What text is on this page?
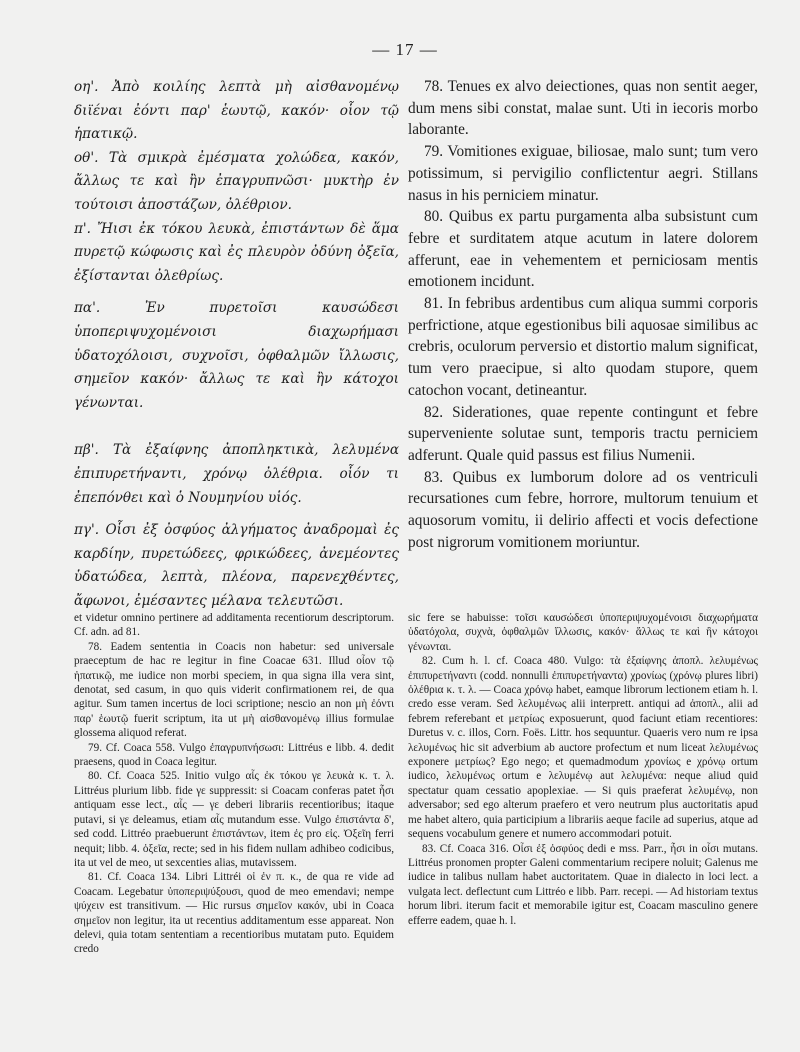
— 17 —

οη'. Ἀπὸ κοιλίης λεπτὰ μὴ αἰσθανομένῳ διϊέναι ἐόντι παρ' ἑωυτῷ, κακόν· οἷον τῷ ἡπατικῷ.

οθ'. Τὰ σμικρὰ ἐμέσματα χολώδεα, κακόν, ἄλλως τε καὶ ἢν ἐπαγρυπνῶσι· μυκτὴρ ἐν τούτοισι ἀποστάζων, ὀλέθριον.

π'. Ἤισι ἐκ τόκου λευκὰ, ἐπιστάντων δὲ ἅμα πυρετῷ κώφωσις καὶ ἐς πλευρὸν ὀδύνη ὀξεῖα, ἐξίστανται ὀλεθρίως.

πα'. Ἐν πυρετοῖσι καυσώδεσι ὑποπεριψυχομένοισι διαχωρήμασι ὑδατοχόλοισι, συχνοῖσι, ὀφθαλμῶν ἴλλωσις, σημεῖον κακόν· ἄλλως τε καὶ ἢν κάτοχοι γένωνται.

πβ'. Τὰ ἐξαίφνης ἀποπληκτικὰ, λελυμένα ἐπιπυρετήναντι, χρόνῳ ὀλέθρια. οἷόν τι ἐπεπόνθει καὶ ὁ Νουμηνίου υἱός.

πγ'. Οἷσι ἐξ ὀσφύος ἀλγήματος ἀναδρομαὶ ἐς καρδίην, πυρετώδεες, φρικώδεες, ἀνεμέοντες ὑδατώδεα, λεπτὰ, πλέονα, παρενεχθέντες, ἄφωνοι, ἐμέσαντες μέλανα τελευτῶσι.

78. Tenues ex alvo deiectiones, quas non sentit aeger, dum mens sibi constat, malae sunt. Uti in iecoris morbo laborante.

79. Vomitiones exiguae, biliosae, malo sunt; tum vero potissimum, si pervigilio conflictentur aegri. Stillans nasus in his perniciem minatur.

80. Quibus ex partu purgamenta alba subsistunt cum febre et surditatem atque acutum in latere dolorem afferunt, eae in vehementem et perniciosam mentis emotionem incidunt.

81. In febribus ardentibus cum aliqua summi corporis perfrictione, atque egestionibus bili aquosae similibus ac crebris, oculorum perversio et distortio malum significat, tum vero praecipue, si alto quodam stupore, quem catochon vocant, detineantur.

82. Siderationes, quae repente contingunt et febre superveniente solutae sunt, temporis tractu perniciem adferunt. Quale quid passus est filius Numenii.

83. Quibus ex lumborum dolore ad os ventriculi recursationes cum febre, horrore, multorum tenuium et aquosorum vomitu, ii delirio affecti et vocis defectione post nigrorum vomitionem moriuntur.

et videtur omnino pertinere ad additamenta recentiorum descriptorum. Cf. adn. ad 81.

78. Eadem sententia in Coacis non habetur: sed universale praeceptum de hac re legitur in fine Coacae 631. Illud οἷον τῷ ἡπατικῷ, me iudice non morbi speciem, in qua signa illa vera sint, denotat, sed casum, in quo quis viderit confirmationem rei, de qua agitur. Sum tamen incertus de loci scriptione; nescio an non μὴ ἐόντι παρ' ἑωυτῷ fuerit scriptum, ita ut μὴ αἰσθανομένῳ illius formulae glossema aliquod referat.

79. Cf. Coaca 558. Vulgo ἐπαγρυπνήσωσι: Littréus e libb. 4. dedit praesens, quod in Coaca legitur.

80. Cf. Coaca 525. Initio vulgo αἷς ἐκ τόκου γε λευκὰ κ. τ. λ. Littréus plurium libb. fide γε suppressit: si Coacam conferas patet ἧσι antiquam esse lect., αἷς — γε deberi librariis recentioribus; itaque putavi, si γε deleamus, etiam αἷς mutandum esse. Vulgo ἐπιστάντα δ', sed codd. Littréo praebuerunt ἐπιστάντων, item ἐς pro εἰς. Ὀξεῖη ferri nequit; libb. 4. ὀξεῖα, recte; sed in his fidem nullam adhibeo codicibus, ita ut vel de meo, ut sexcenties alias, mutavissem.

81. Cf. Coaca 134. Libri Littréi οἱ ἐν π. κ., de qua re vide ad Coacam. Legebatur ὑποπεριψύξουσι, quod de meo emendavi; nempe ψύχειν est transitivum. — Hic rursus σημεῖον κακόν, ubi in Coaca σημεῖον non legitur, ita ut recentius additamentum esse appareat. Non delevi, quia totam sententiam a recentioribus mutatam puto. Equidem credo

sic fere se habuisse: τοῖσι καυσώδεσι ὑποπεριψυχομένοισι διαχωρήματα ὑδατόχολα, συχνὰ, ὀφθαλμῶν ἴλλωσις, κακόν· ἄλλως τε καὶ ἢν κάτοχοι γένωνται.

82. Cum h. l. cf. Coaca 480. Vulgo: τὰ ἐξαίφνης ἀποπλ. λελυμένως ἐπιπυρετήναντι (codd. nonnulli ἐπιπυρετήναντα) χρονίως (χρόνῳ plures libri) ὀλέθρια κ. τ. λ. — Coaca χρόνῳ habet, eamque librorum lectionem etiam h. l. credo esse veram. Sed λελυμένως alii interprett. antiqui ad ἀποπλ., alii ad febrem referebant et μετρίως exposuerunt, quod faciunt etiam recentiores: Duretus v. c. illos, Corn. Foës. Littr. hos sequuntur. Quaeris vero num re ipsa λελυμένως hic sit adverbium ab auctore profectum et num liceat λελυμένως exponere μετρίως? Ego nego; et quemadmodum χρονίως e χρόνῳ ortum iudico, λελυμένως ortum e λελυμένῳ aut λελυμένα: neque aliud quid spectatur quam cessatio apoplexiae. — Si quis praeferat λελυμένῳ, non adversabor; sed ego alterum praefero et vero neutrum plus auctoritatis apud me habet altero, quia participium a librariis aeque facile ad superius, atque ad sequens vocabulum genere et numero accommodari potuit.

83. Cf. Coaca 316. Οἷσι ἐξ ὀσφύος dedi e mss. Parr., ἧσι in οἷσι mutans. Littréus pronomen propter Galeni commentarium recipere noluit; Galenus me iudice in talibus nullam habet auctoritatem. Quae in dialecto in loci lect. a vulgata lect. deflectunt cum Littréo e libb. Parr. recepi. — Ad historiam textus horum libri. iterum facit et memorabile igitur est, Coacam masculino genere efferre eadem, quae h. l.
